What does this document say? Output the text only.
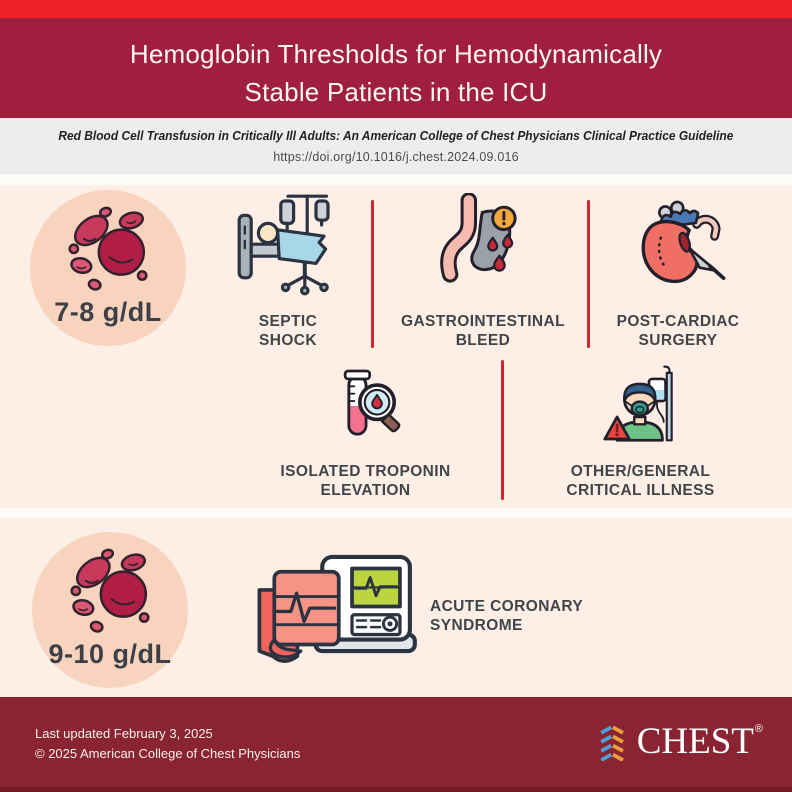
Hemoglobin Thresholds for Hemodynamically
Stable Patients in the ICU
Red Blood Cell Transfusion in Critically Ill Adults: An American College of Chest Physicians Clinical Practice Guideline
https://doi.org/10.1016/j.chest.2024.09.016
7-8 g/dL	SEPTIC
SHOCK
GASTROINTESTINAL
BLEED
POST-CARDIAC
SURGERY
ISOLATED TROPONIN
ELEVATION
OTHER/GENERAL
CRITICAL ILLNESS
9-10 g/dL
ACUTE CORONARY
SYNDROME
Last updated February 3, 2025
© 2025 American College of Chest Physicians	CHEST ®
